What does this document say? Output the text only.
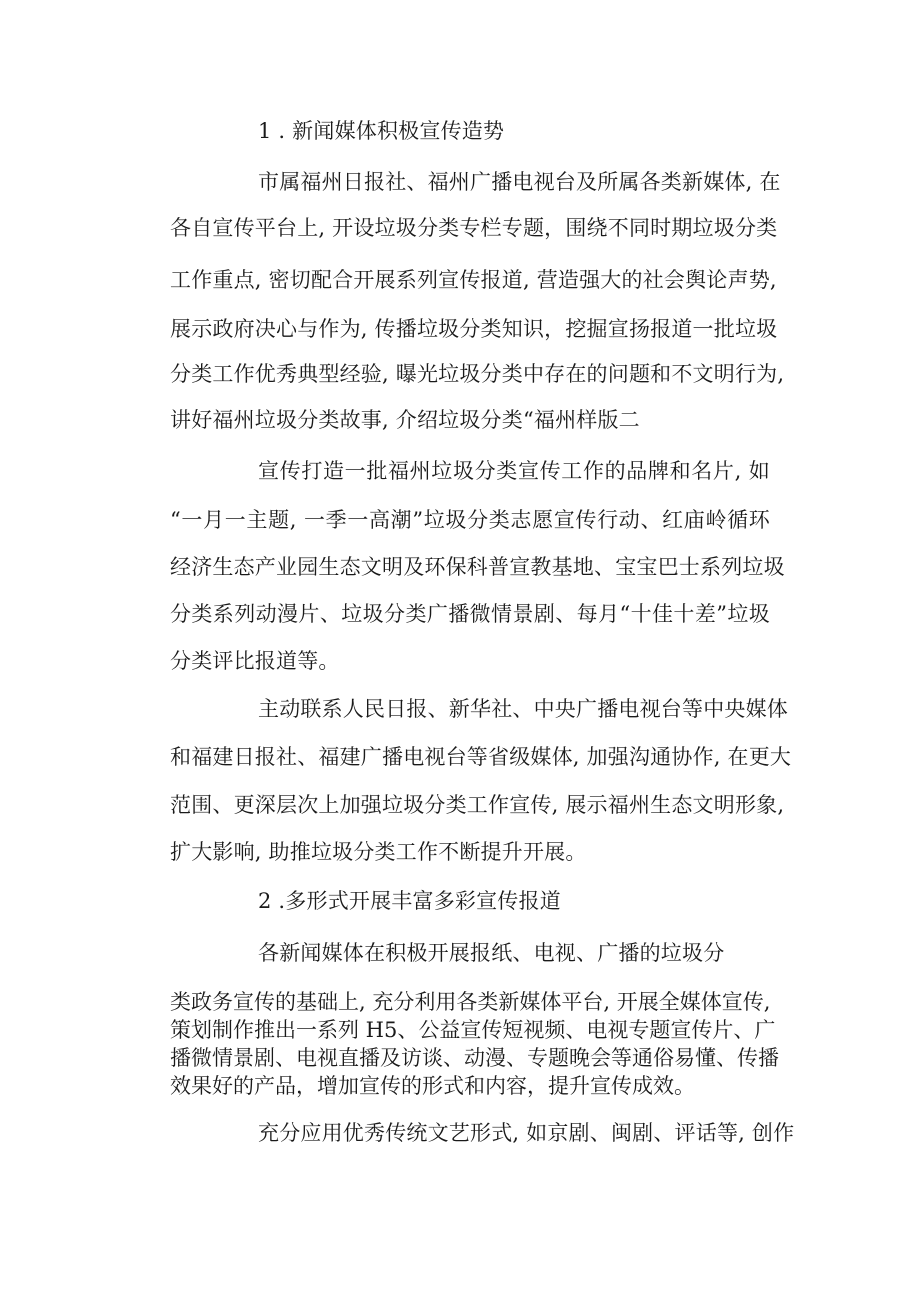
1 . 新闻媒体积极宣传造势
市属福州日报社、福州广播电视台及所属各类新媒体, 在
各自宣传平台上, 开设垃圾分类专栏专题，围绕不同时期垃圾分类
工作重点, 密切配合开展系列宣传报道, 营造强大的社会舆论声势,
展示政府决心与作为, 传播垃圾分类知识，挖掘宣扬报道一批垃圾
分类工作优秀典型经验, 曝光垃圾分类中存在的问题和不文明行为,
讲好福州垃圾分类故事, 介绍垃圾分类“福州样版二
宣传打造一批福州垃圾分类宣传工作的品牌和名片, 如
“一月一主题, 一季一高潮”垃圾分类志愿宣传行动、红庙岭循环
经济生态产业园生态文明及环保科普宣教基地、宝宝巴士系列垃圾
分类系列动漫片、垃圾分类广播微情景剧、每月“十佳十差”垃圾
分类评比报道等。
主动联系人民日报、新华社、中央广播电视台等中央媒体
和福建日报社、福建广播电视台等省级媒体, 加强沟通协作, 在更大
范围、更深层次上加强垃圾分类工作宣传, 展示福州生态文明形象,
扩大影响, 助推垃圾分类工作不断提升开展。
2 .多形式开展丰富多彩宣传报道
各新闻媒体在积极开展报纸、电视、广播的垃圾分
类政务宣传的基础上, 充分利用各类新媒体平台, 开展全媒体宣传,
策划制作推出一系列 H5、公益宣传短视频、电视专题宣传片、广
播微情景剧、电视直播及访谈、动漫、专题晚会等通俗易懂、传播
效果好的产品，增加宣传的形式和内容，提升宣传成效。
充分应用优秀传统文艺形式, 如京剧、闽剧、评话等, 创作
